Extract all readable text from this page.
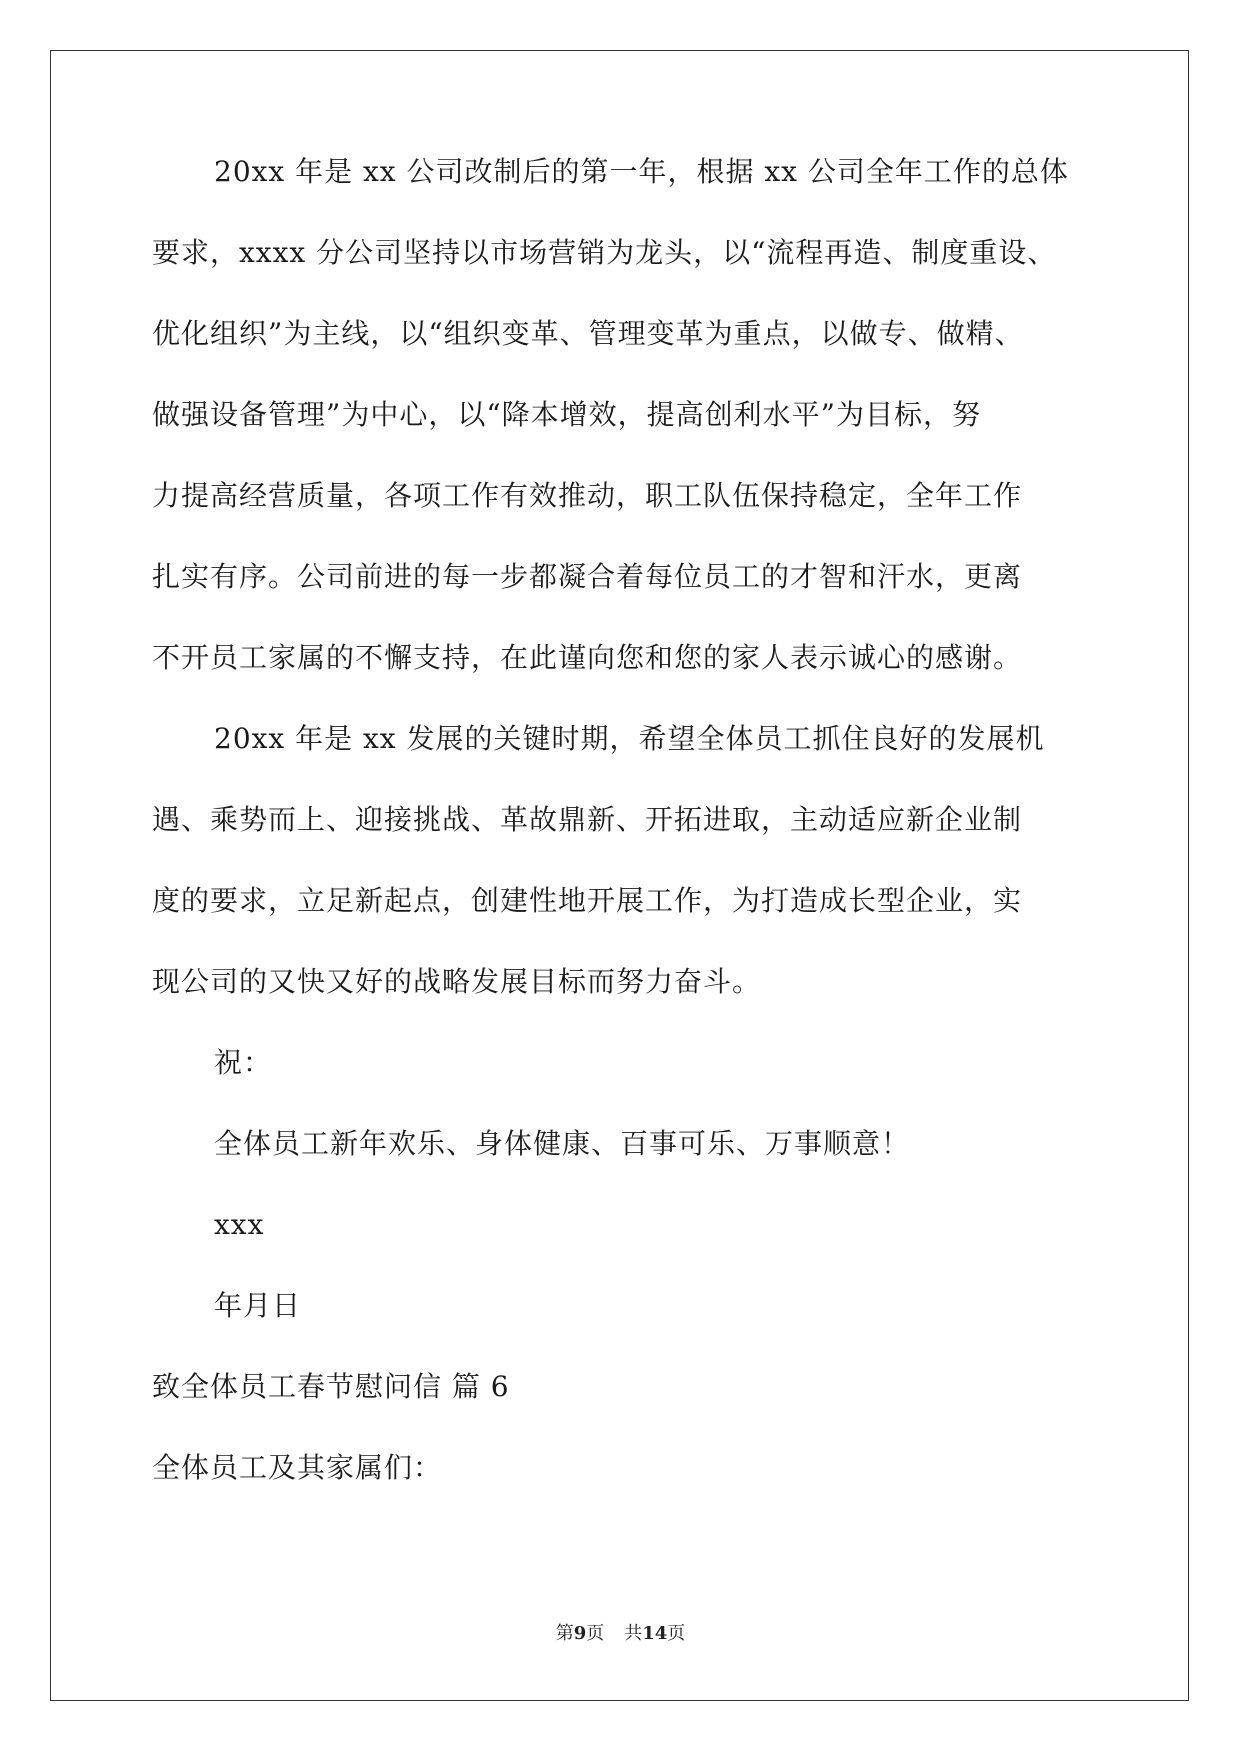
20xx 年是 xx 公司改制后的第一年，根据 xx 公司全年工作的总体
要求，xxxx 分公司坚持以市场营销为龙头，以“流程再造、制度重设、
优化组织”为主线，以“组织变革、管理变革为重点，以做专、做精、
做强设备管理”为中心，以“降本增效，提高创利水平”为目标，努
力提高经营质量，各项工作有效推动，职工队伍保持稳定，全年工作
扎实有序。公司前进的每一步都凝合着每位员工的才智和汗水，更离
不开员工家属的不懈支持，在此谨向您和您的家人表示诚心的感谢。
20xx 年是 xx 发展的关键时期，希望全体员工抓住良好的发展机
遇、乘势而上、迎接挑战、革故鼎新、开拓进取，主动适应新企业制
度的要求，立足新起点，创建性地开展工作，为打造成长型企业，实
现公司的又快又好的战略发展目标而努力奋斗。
祝：
全体员工新年欢乐、身体健康、百事可乐、万事顺意！
xxx
年月日
致全体员工春节慰问信 篇 6
全体员工及其家属们：
第9页 共14页
